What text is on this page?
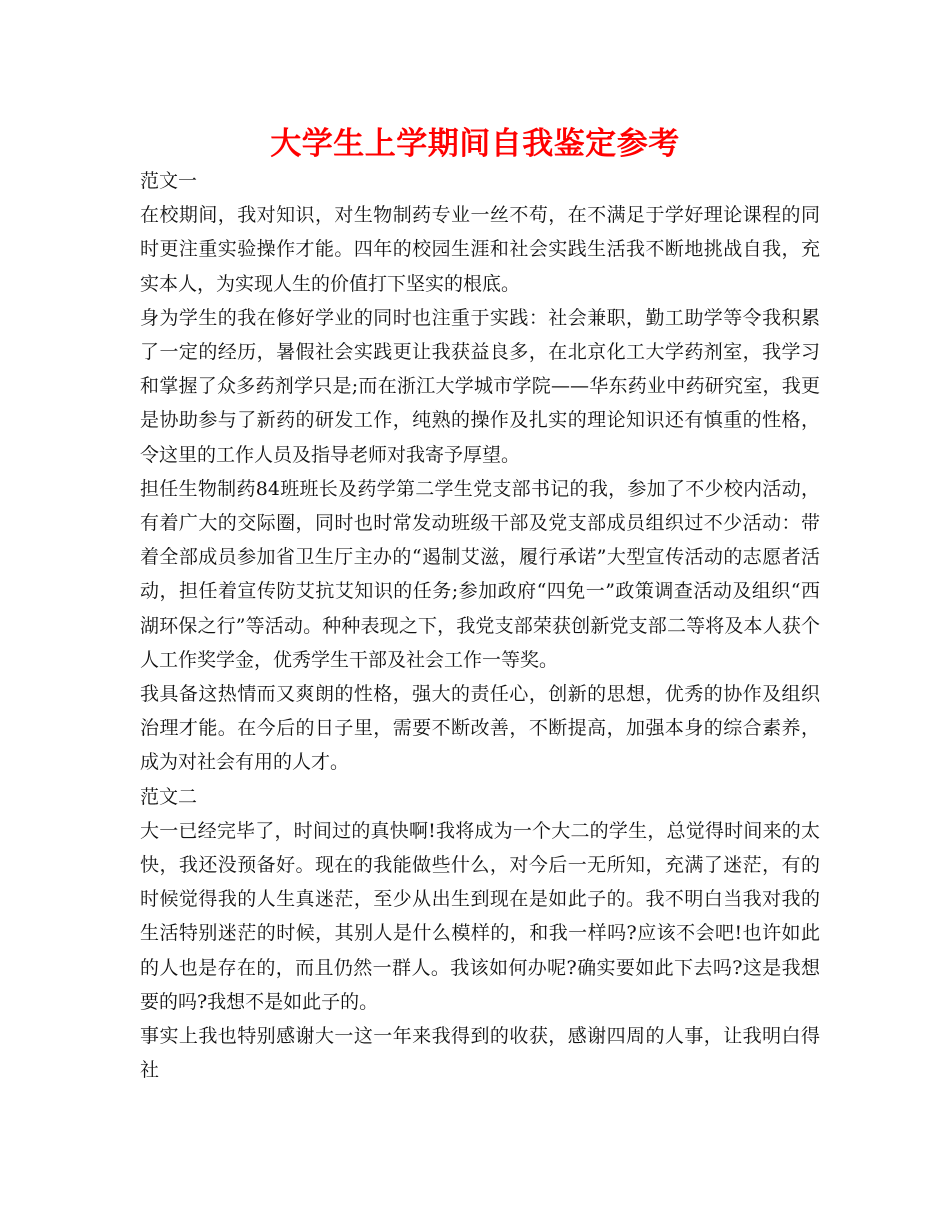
大学生上学期间自我鉴定参考

范文一

在校期间，我对知识，对生物制药专业一丝不苟，在不满足于学好理论课程的同时更注重实验操作才能。四年的校园生涯和社会实践生活我不断地挑战自我，充实本人，为实现人生的价值打下坚实的根底。

身为学生的我在修好学业的同时也注重于实践：社会兼职，勤工助学等令我积累了一定的经历，暑假社会实践更让我获益良多，在北京化工大学药剂室，我学习和掌握了众多药剂学只是;而在浙江大学城市学院——华东药业中药研究室，我更是协助参与了新药的研发工作，纯熟的操作及扎实的理论知识还有慎重的性格，令这里的工作人员及指导老师对我寄予厚望。

担任生物制药84班班长及药学第二学生党支部书记的我，参加了不少校内活动，有着广大的交际圈，同时也时常发动班级干部及党支部成员组织过不少活动：带着全部成员参加省卫生厅主办的“遏制艾滋，履行承诺”大型宣传活动的志愿者活动，担任着宣传防艾抗艾知识的任务;参加政府“四免一”政策调查活动及组织“西湖环保之行”等活动。种种表现之下，我党支部荣获创新党支部二等将及本人获个人工作奖学金，优秀学生干部及社会工作一等奖。

我具备这热情而又爽朗的性格，强大的责任心，创新的思想，优秀的协作及组织治理才能。在今后的日子里，需要不断改善，不断提高，加强本身的综合素养，成为对社会有用的人才。

范文二

大一已经完毕了，时间过的真快啊!我将成为一个大二的学生，总觉得时间来的太快，我还没预备好。现在的我能做些什么，对今后一无所知，充满了迷茫，有的时候觉得我的人生真迷茫，至少从出生到现在是如此子的。我不明白当我对我的生活特别迷茫的时候，其别人是什么模样的，和我一样吗?应该不会吧!也许如此的人也是存在的，而且仍然一群人。我该如何办呢?确实要如此下去吗?这是我想要的吗?我想不是如此子的。

事实上我也特别感谢大一这一年来我得到的收获，感谢四周的人事，让我明白得社
